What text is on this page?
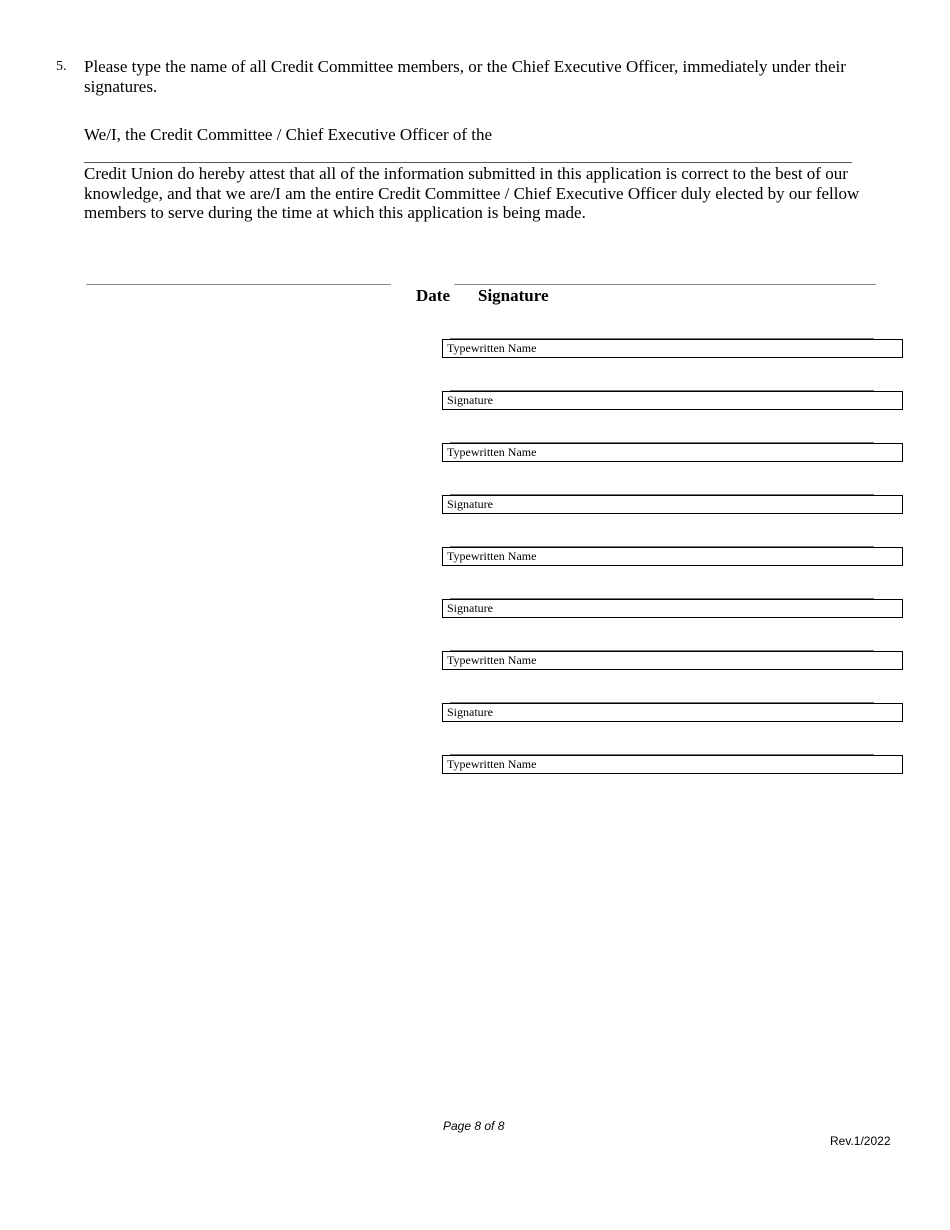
5. Please type the name of all Credit Committee members, or the Chief Executive Officer, immediately under their signatures.
We/I, the Credit Committee / Chief Executive Officer of the
Credit Union do hereby attest that all of the information submitted in this application is correct to the best of our knowledge, and that we are/I am the entire Credit Committee / Chief Executive Officer duly elected by our fellow members to serve during the time at which this application is being made.
Date Signature
Typewritten Name
Signature
Typewritten Name
Signature
Typewritten Name
Signature
Typewritten Name
Signature
Typewritten Name
Page 8 of 8
Rev.1/2022
